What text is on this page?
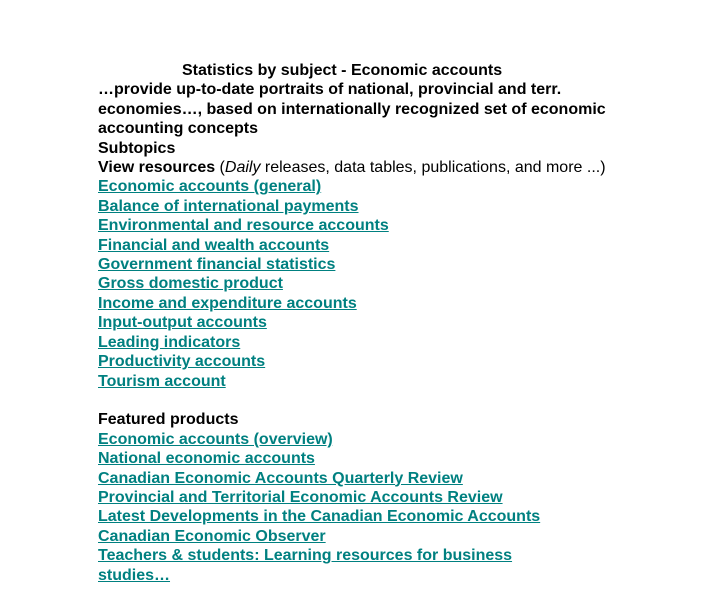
Statistics by subject - Economic accounts
…provide up-to-date portraits of national, provincial and terr. economies…, based on internationally recognized set of economic accounting concepts
Subtopics
View resources (Daily releases, data tables, publications, and more ...)
Economic accounts (general)
Balance of international payments
Environmental and resource accounts
Financial and wealth accounts
Government financial statistics
Gross domestic product
Income and expenditure accounts
Input-output accounts
Leading indicators
Productivity accounts
Tourism account
Featured products
Economic accounts (overview)
National economic accounts
Canadian Economic Accounts Quarterly Review
Provincial and Territorial Economic Accounts Review
Latest Developments in the Canadian Economic Accounts
Canadian Economic Observer
Teachers & students: Learning resources for business studies…
